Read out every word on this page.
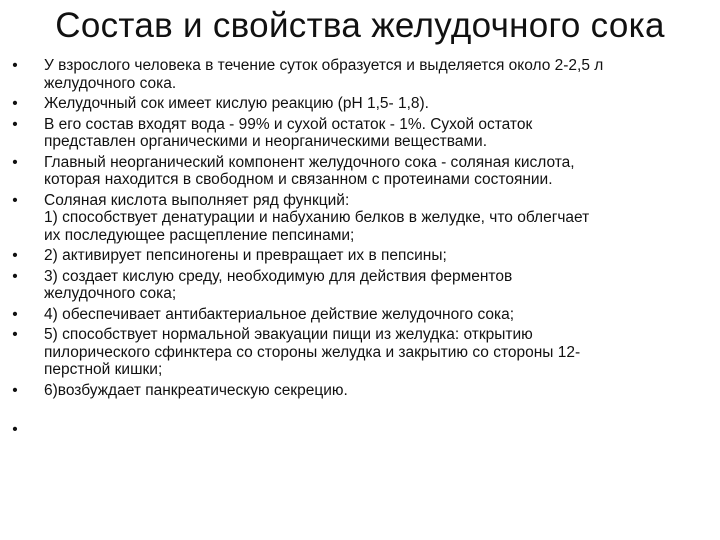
Состав и свойства желудочного сока
• У взрослого человека в течение суток образуется и выделяется около 2-2,5 л
желудочного сока.
• Желудочный сок имеет кислую реакцию (рН 1,5- 1,8).
• В его состав входят вода - 99% и сухой остаток - 1%. Сухой остаток
представлен органическими и неорганическими веществами.
• Главный неорганический компонент желудочного сока - соляная кислота,
которая находится в свободном и связанном с протеинами состоянии.
• Соляная кислота выполняет ряд функций:
1) способствует денатурации и набуханию белков в желудке, что облегчает
их последующее расщепление пепсинами;
• 2) активирует пепсиногены и превращает их в пепсины;
• 3) создает кислую среду, необходимую для действия ферментов
желудочного сока;
• 4) обеспечивает антибактериальное действие желудочного сока;
• 5) способствует нормальной эвакуации пищи из желудка: открытию
пилорического сфинктера со стороны желудка и закрытию со стороны 12-
перстной кишки;
• 6)возбуждает панкреатическую секрецию.
•
